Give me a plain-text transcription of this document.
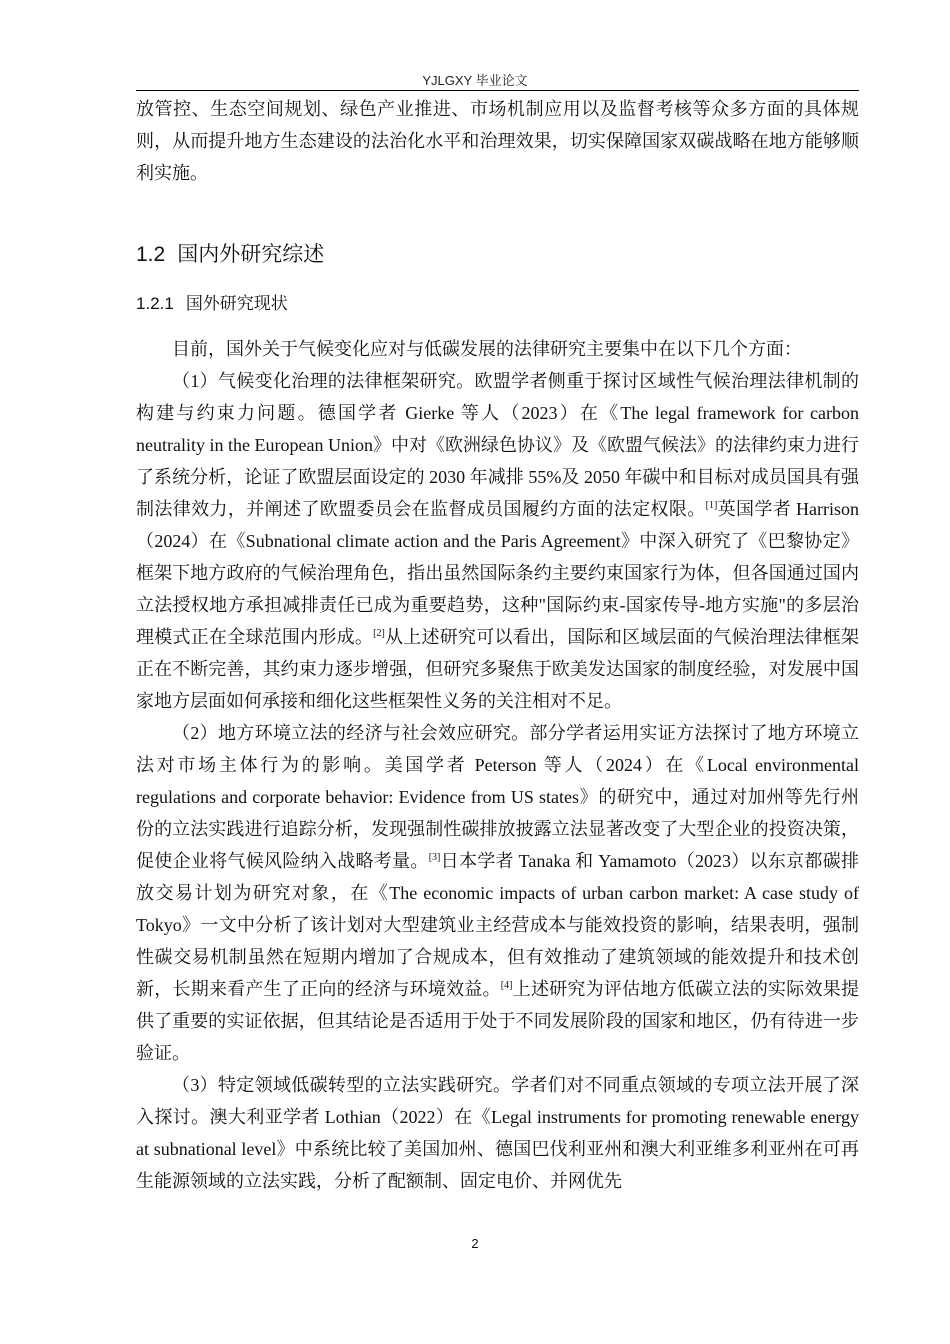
YJLGXY 毕业论文

放管控、生态空间规划、绿色产业推进、市场机制应用以及监督考核等众多方面的具体规则，从而提升地方生态建设的法治化水平和治理效果，切实保障国家双碳战略在地方能够顺利实施。

1.2 国内外研究综述
1.2.1 国外研究现状

目前，国外关于气候变化应对与低碳发展的法律研究主要集中在以下几个方面：

（1）气候变化治理的法律框架研究。欧盟学者侧重于探讨区域性气候治理法律机制的构建与约束力问题。德国学者 Gierke 等人（2023）在《The legal framework for carbon neutrality in the European Union》中对《欧洲绿色协议》及《欧盟气候法》的法律约束力进行了系统分析，论证了欧盟层面设定的 2030 年减排 55%及 2050 年碳中和目标对成员国具有强制法律效力，并阐述了欧盟委员会在监督成员国履约方面的法定权限。[1]英国学者 Harrison（2024）在《Subnational climate action and the Paris Agreement》中深入研究了《巴黎协定》框架下地方政府的气候治理角色，指出虽然国际条约主要约束国家行为体，但各国通过国内立法授权地方承担减排责任已成为重要趋势，这种"国际约束-国家传导-地方实施"的多层治理模式正在全球范围内形成。[2]从上述研究可以看出，国际和区域层面的气候治理法律框架正在不断完善，其约束力逐步增强，但研究多聚焦于欧美发达国家的制度经验，对发展中国家地方层面如何承接和细化这些框架性义务的关注相对不足。

（2）地方环境立法的经济与社会效应研究。部分学者运用实证方法探讨了地方环境立法对市场主体行为的影响。美国学者 Peterson 等人（2024）在《Local environmental regulations and corporate behavior: Evidence from US states》的研究中，通过对加州等先行州份的立法实践进行追踪分析，发现强制性碳排放披露立法显著改变了大型企业的投资决策，促使企业将气候风险纳入战略考量。[3]日本学者 Tanaka 和 Yamamoto（2023）以东京都碳排放交易计划为研究对象，在《The economic impacts of urban carbon market: A case study of Tokyo》一文中分析了该计划对大型建筑业主经营成本与能效投资的影响，结果表明，强制性碳交易机制虽然在短期内增加了合规成本，但有效推动了建筑领域的能效提升和技术创新，长期来看产生了正向的经济与环境效益。[4]上述研究为评估地方低碳立法的实际效果提供了重要的实证依据，但其结论是否适用于处于不同发展阶段的国家和地区，仍有待进一步验证。

（3）特定领域低碳转型的立法实践研究。学者们对不同重点领域的专项立法开展了深入探讨。澳大利亚学者 Lothian（2022）在《Legal instruments for promoting renewable energy at subnational level》中系统比较了美国加州、德国巴伐利亚州和澳大利亚维多利亚州在可再生能源领域的立法实践，分析了配额制、固定电价、并网优先

2
